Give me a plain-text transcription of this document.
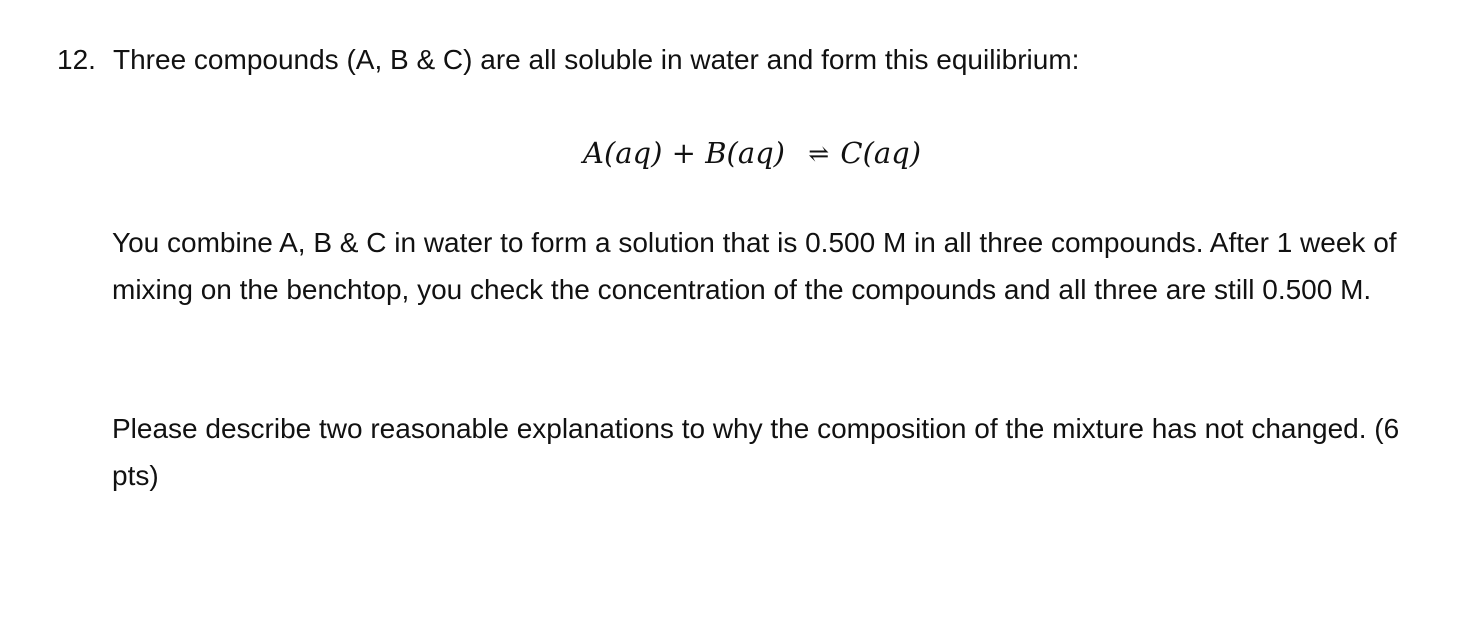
12. Three compounds (A, B & C) are all soluble in water and form this equilibrium:
A(aq) + B(aq) ⇌ C(aq)

You combine A, B & C in water to form a solution that is 0.500 M in all three compounds. After 1 week of mixing on the benchtop, you check the concentration of the compounds and all three are still 0.500 M.

Please describe two reasonable explanations to why the composition of the mixture has not changed. (6 pts)
